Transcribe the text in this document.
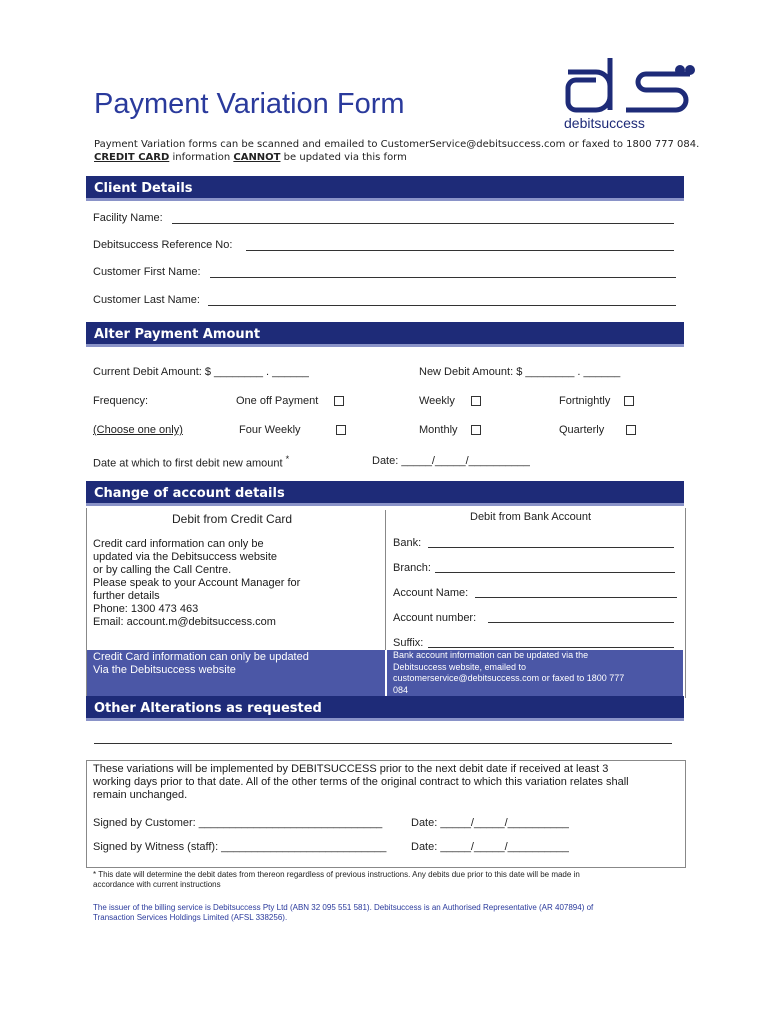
Payment Variation Form
debitsuccess
Payment Variation forms can be scanned and emailed to CustomerService@debitsuccess.com or faxed to 1800 777 084.
CREDIT CARD information CANNOT be updated via this form
Client Details
Facility Name:
Debitsuccess Reference No:
Customer First Name:
Customer Last Name:
Alter Payment Amount
Current Debit Amount: $ ________ . ______	New Debit Amount: $ ________ . ______
Frequency:	One off Payment	Weekly	Fortnightly
(Choose one only)	Four Weekly	Monthly	Quarterly
Date at which to first debit new amount *	Date: _____/_____/__________
Change of account details
Debit from Credit Card
Credit card information can only be
updated via the Debitsuccess website
or by calling the Call Centre.
Please speak to your Account Manager for
further details
Phone: 1300 473 463
Email: account.m@debitsuccess.com
Credit Card information can only be updated
Via the Debitsuccess website
Debit from Bank Account
Bank:
Branch:
Account Name:
Account number:
Suffix:
Bank account information can be updated via the
Debitsuccess website, emailed to
customerservice@debitsuccess.com or faxed to 1800 777
084
Other Alterations as requested
These variations will be implemented by DEBITSUCCESS prior to the next debit date if received at least 3
working days prior to that date. All of the other terms of the original contract to which this variation relates shall
remain unchanged.
Signed by Customer: ______________________________	Date: _____/_____/__________
Signed by Witness (staff): ___________________________ Date: _____/_____/__________
* This date will determine the debit dates from thereon regardless of previous instructions. Any debits due prior to this date will be made in
accordance with current instructions
The issuer of the billing service is Debitsuccess Pty Ltd (ABN 32 095 551 581). Debitsuccess is an Authorised Representative (AR 407894) of
Transaction Services Holdings Limited (AFSL 338256).
